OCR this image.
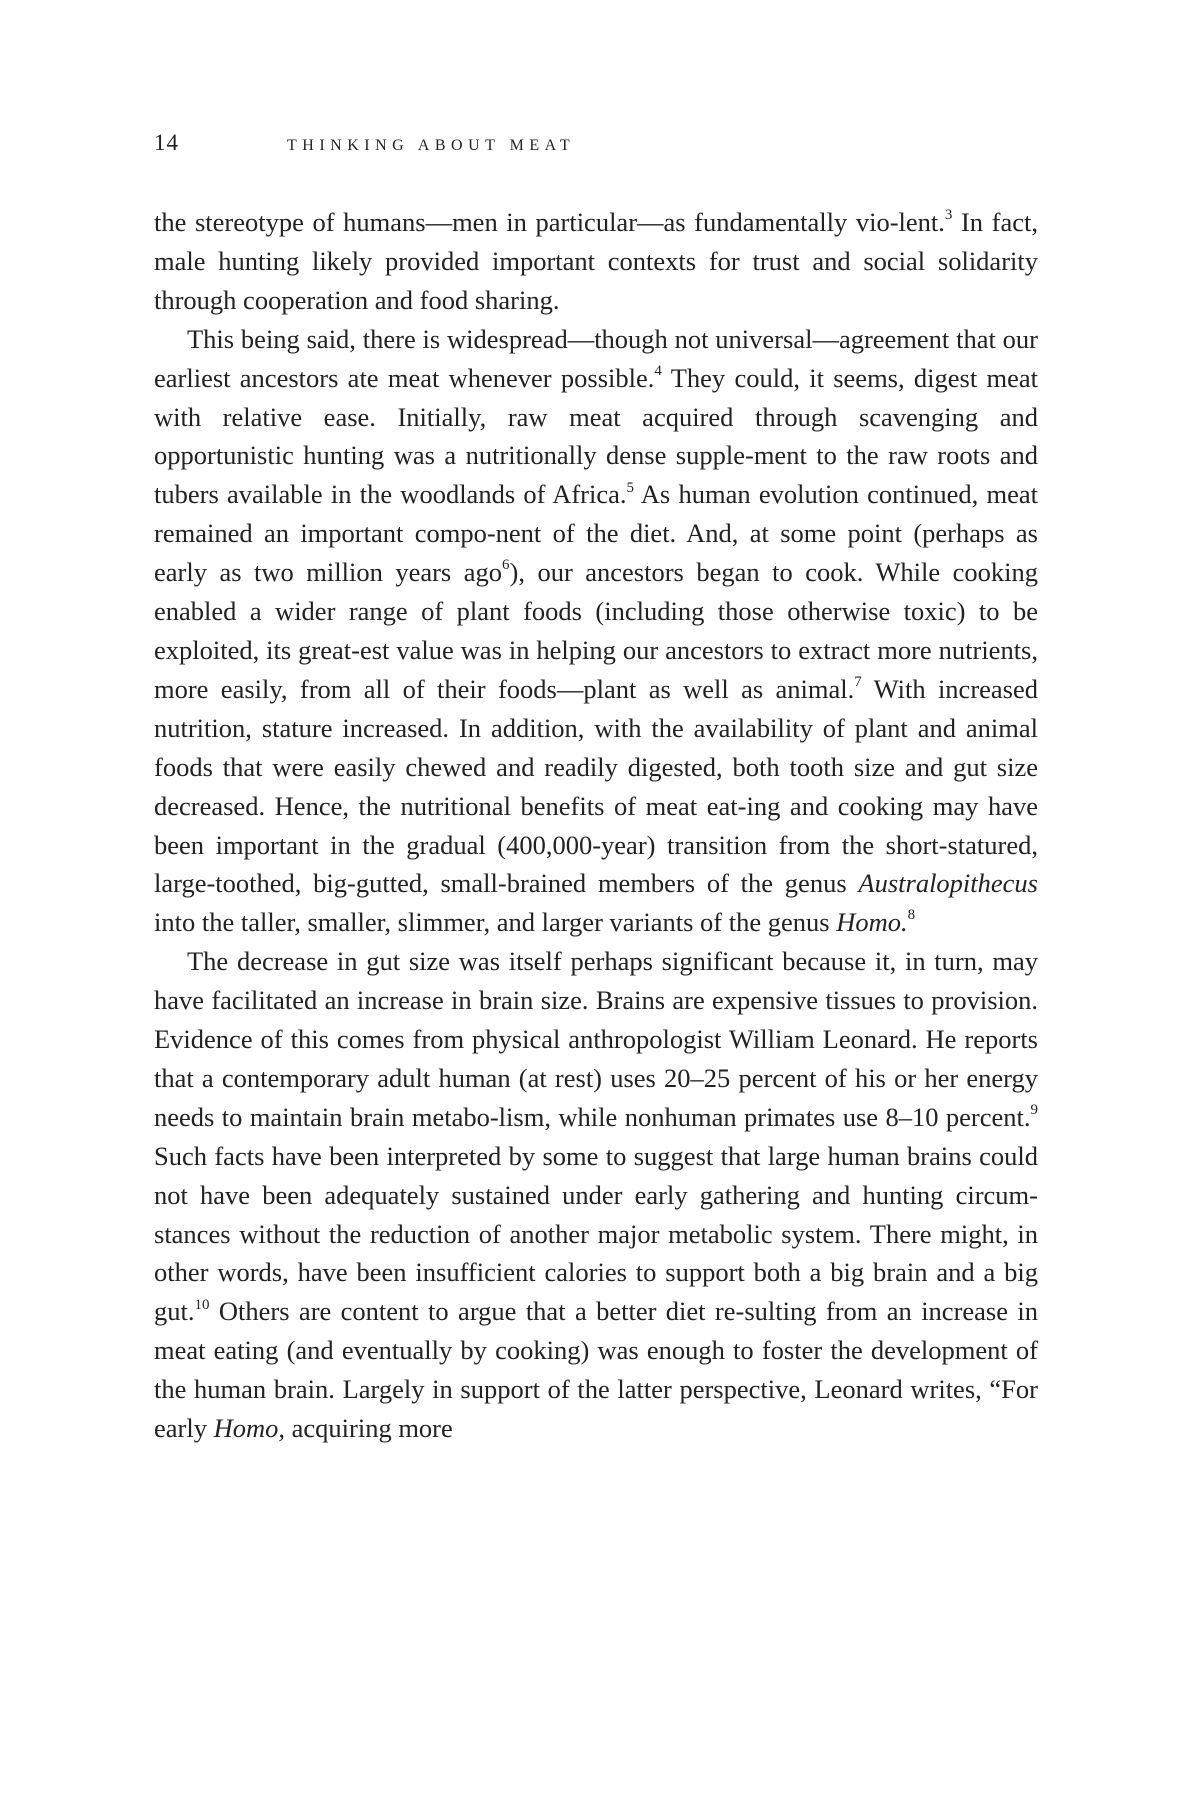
14	THINKING ABOUT MEAT

the stereotype of humans—men in particular—as fundamentally vio-lent.$^3$ In fact, male hunting likely provided important contexts for trust and social solidarity through cooperation and food sharing.

This being said, there is widespread—though not universal—agreement that our earliest ancestors ate meat whenever possible.$^4$ They could, it seems, digest meat with relative ease. Initially, raw meat acquired through scavenging and opportunistic hunting was a nutritionally dense supple-ment to the raw roots and tubers available in the woodlands of Africa.$^5$ As human evolution continued, meat remained an important compo-nent of the diet. And, at some point (perhaps as early as two million years ago$^6$), our ancestors began to cook. While cooking enabled a wider range of plant foods (including those otherwise toxic) to be exploited, its great-est value was in helping our ancestors to extract more nutrients, more easily, from all of their foods—plant as well as animal.$^7$ With increased nutrition, stature increased. In addition, with the availability of plant and animal foods that were easily chewed and readily digested, both tooth size and gut size decreased. Hence, the nutritional benefits of meat eat-ing and cooking may have been important in the gradual (400,000-year) transition from the short-statured, large-toothed, big-gutted, small-brained members of the genus Australopithecus into the taller, smaller, slimmer, and larger variants of the genus Homo.$^8$

The decrease in gut size was itself perhaps significant because it, in turn, may have facilitated an increase in brain size. Brains are expensive tissues to provision. Evidence of this comes from physical anthropologist William Leonard. He reports that a contemporary adult human (at rest) uses 20–25 percent of his or her energy needs to maintain brain metabo-lism, while nonhuman primates use 8–10 percent.$^9$ Such facts have been interpreted by some to suggest that large human brains could not have been adequately sustained under early gathering and hunting circum-stances without the reduction of another major metabolic system. There might, in other words, have been insufficient calories to support both a big brain and a big gut.$^{10}$ Others are content to argue that a better diet re-sulting from an increase in meat eating (and eventually by cooking) was enough to foster the development of the human brain. Largely in support of the latter perspective, Leonard writes, “For early Homo, acquiring more
